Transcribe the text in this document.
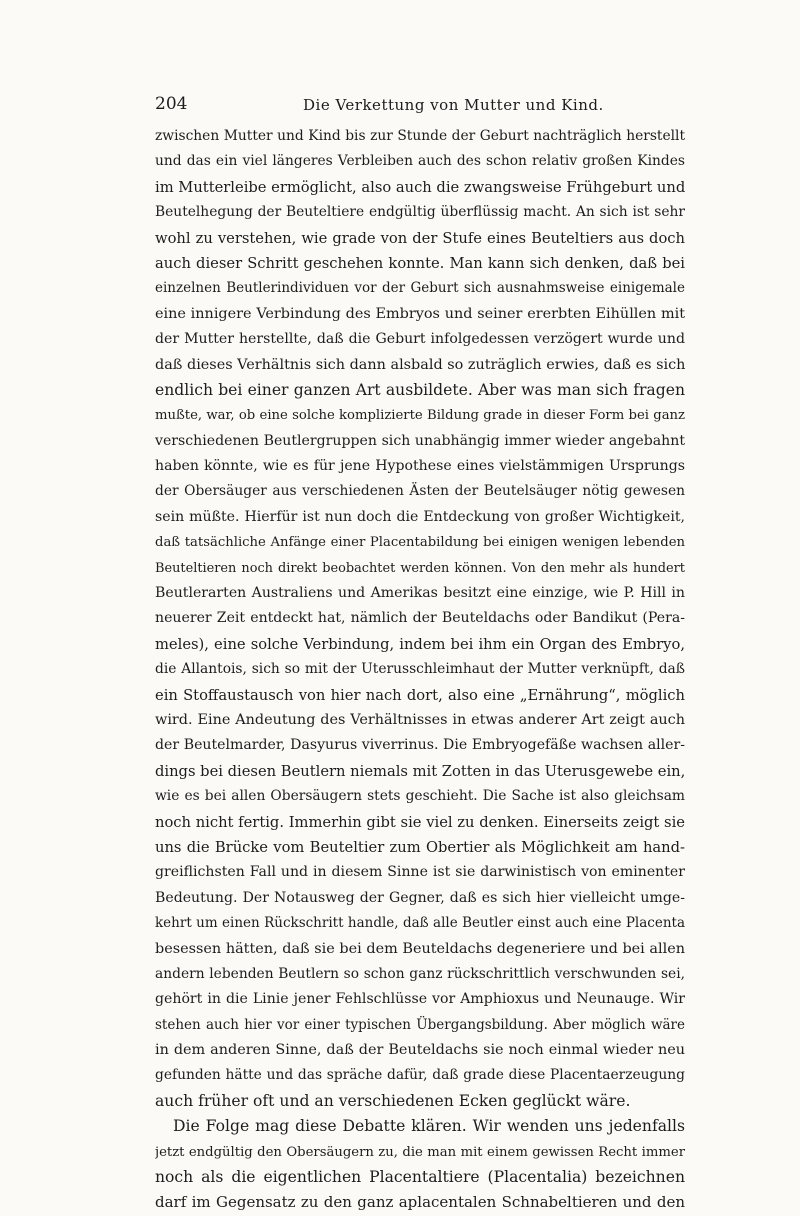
204	Die Verkettung von Mutter und Kind.
zwischen Mutter und Kind bis zur Stunde der Geburt nachträglich herstellt
und das ein viel längeres Verbleiben auch des schon relativ großen Kindes
im Mutterleibe ermöglicht, also auch die zwangsweise Frühgeburt und
Beutelhegung der Beuteltiere endgültig überflüssig macht. An sich ist sehr
wohl zu verstehen, wie grade von der Stufe eines Beuteltiers aus doch
auch dieser Schritt geschehen konnte. Man kann sich denken, daß bei
einzelnen Beutlerindividuen vor der Geburt sich ausnahmsweise einigemale
eine innigere Verbindung des Embryos und seiner ererbten Eihüllen mit
der Mutter herstellte, daß die Geburt infolgedessen verzögert wurde und
daß dieses Verhältnis sich dann alsbald so zuträglich erwies, daß es sich
endlich bei einer ganzen Art ausbildete. Aber was man sich fragen
mußte, war, ob eine solche komplizierte Bildung grade in dieser Form bei ganz
verschiedenen Beutlergruppen sich unabhängig immer wieder angebahnt
haben könnte, wie es für jene Hypothese eines vielstämmigen Ursprungs
der Obersäuger aus verschiedenen Ästen der Beutelsäuger nötig gewesen
sein müßte. Hierfür ist nun doch die Entdeckung von großer Wichtigkeit,
daß tatsächliche Anfänge einer Placentabildung bei einigen wenigen lebenden
Beuteltieren noch direkt beobachtet werden können. Von den mehr als hundert
Beutlerarten Australiens und Amerikas besitzt eine einzige, wie P. Hill in
neuerer Zeit entdeckt hat, nämlich der Beuteldachs oder Bandikut (Pera-
meles), eine solche Verbindung, indem bei ihm ein Organ des Embryo,
die Allantois, sich so mit der Uterusschleimhaut der Mutter verknüpft, daß
ein Stoffaustausch von hier nach dort, also eine „Ernährung“, möglich
wird. Eine Andeutung des Verhältnisses in etwas anderer Art zeigt auch
der Beutelmarder, Dasyurus viverrinus. Die Embryogefäße wachsen aller-
dings bei diesen Beutlern niemals mit Zotten in das Uterusgewebe ein,
wie es bei allen Obersäugern stets geschieht. Die Sache ist also gleichsam
noch nicht fertig. Immerhin gibt sie viel zu denken. Einerseits zeigt sie
uns die Brücke vom Beuteltier zum Obertier als Möglichkeit am hand-
greiflichsten Fall und in diesem Sinne ist sie darwinistisch von eminenter
Bedeutung. Der Notausweg der Gegner, daß es sich hier vielleicht umge-
kehrt um einen Rückschritt handle, daß alle Beutler einst auch eine Placenta
besessen hätten, daß sie bei dem Beuteldachs degeneriere und bei allen
andern lebenden Beutlern so schon ganz rückschrittlich verschwunden sei,
gehört in die Linie jener Fehlschlüsse vor Amphioxus und Neunauge. Wir
stehen auch hier vor einer typischen Übergangsbildung. Aber möglich wäre
in dem anderen Sinne, daß der Beuteldachs sie noch einmal wieder neu
gefunden hätte und das spräche dafür, daß grade diese Placentaerzeugung
auch früher oft und an verschiedenen Ecken geglückt wäre.
Die Folge mag diese Debatte klären. Wir wenden uns jedenfalls
jetzt endgültig den Obersäugern zu, die man mit einem gewissen Recht immer
noch als die eigentlichen Placentaltiere (Placentalia) bezeichnen
darf im Gegensatz zu den ganz aplacentalen Schnabeltieren und den
